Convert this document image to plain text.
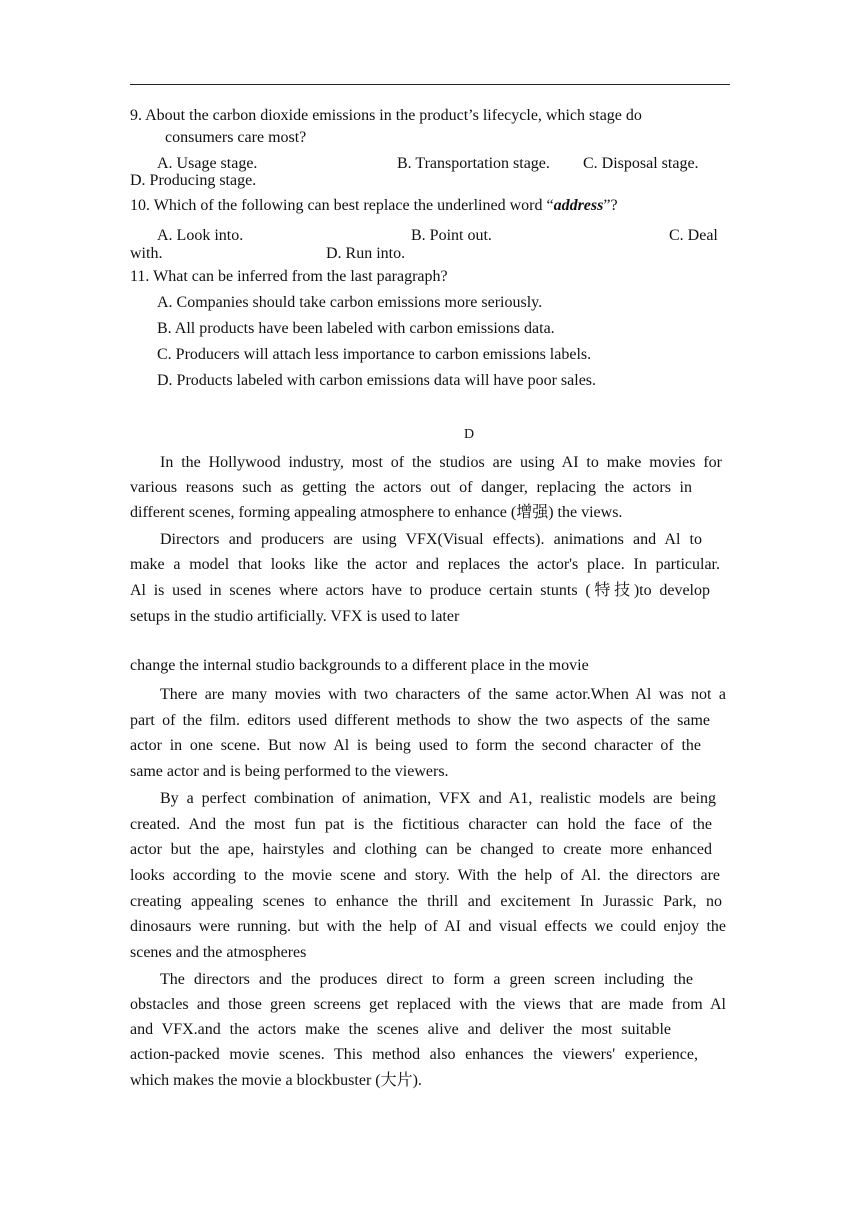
9. About the carbon dioxide emissions in the product’s lifecycle, which stage do
consumers care most?
A. Usage stage.	B. Transportation stage. C. Disposal stage.
D. Producing stage.
10. Which of the following can best replace the underlined word “address”?
A. Look into.	B. Point out.	C. Deal
with.	D. Run into.
11. What can be inferred from the last paragraph?
A. Companies should take carbon emissions more seriously.
B. All products have been labeled with carbon emissions data.
C. Producers will attach less importance to carbon emissions labels.
D. Products labeled with carbon emissions data will have poor sales.
D
In the Hollywood industry, most of the studios are using AI to make movies for
various reasons such as getting the actors out of danger, replacing the actors in
different scenes, forming appealing atmosphere to enhance (增强) the views.
Directors and producers are using VFX(Visual effects). animations and Al to
make a model that looks like the actor and replaces the actor's place. In particular.
Al is used in scenes where actors have to produce certain stunts (特技)to develop
setups in the studio artificially. VFX is used to later
change the internal studio backgrounds to a different place in the movie
There are many movies with two characters of the same actor.When Al was not a
part of the film. editors used different methods to show the two aspects of the same
actor in one scene. But now Al is being used to form the second character of the
same actor and is being performed to the viewers.
By a perfect combination of animation, VFX and A1, realistic models are being
created. And the most fun pat is the fictitious character can hold the face of the
actor but the ape, hairstyles and clothing can be changed to create more enhanced
looks according to the movie scene and story. With the help of Al. the directors are
creating appealing scenes to enhance the thrill and excitement In Jurassic Park, no
dinosaurs were running. but with the help of AI and visual effects we could enjoy the
scenes and the atmospheres
The directors and the produces direct to form a green screen including the
obstacles and those green screens get replaced with the views that are made from Al
and VFX.and the actors make the scenes alive and deliver the most suitable
action-packed movie scenes. This method also enhances the viewers' experience,
which makes the movie a blockbuster (大片).
